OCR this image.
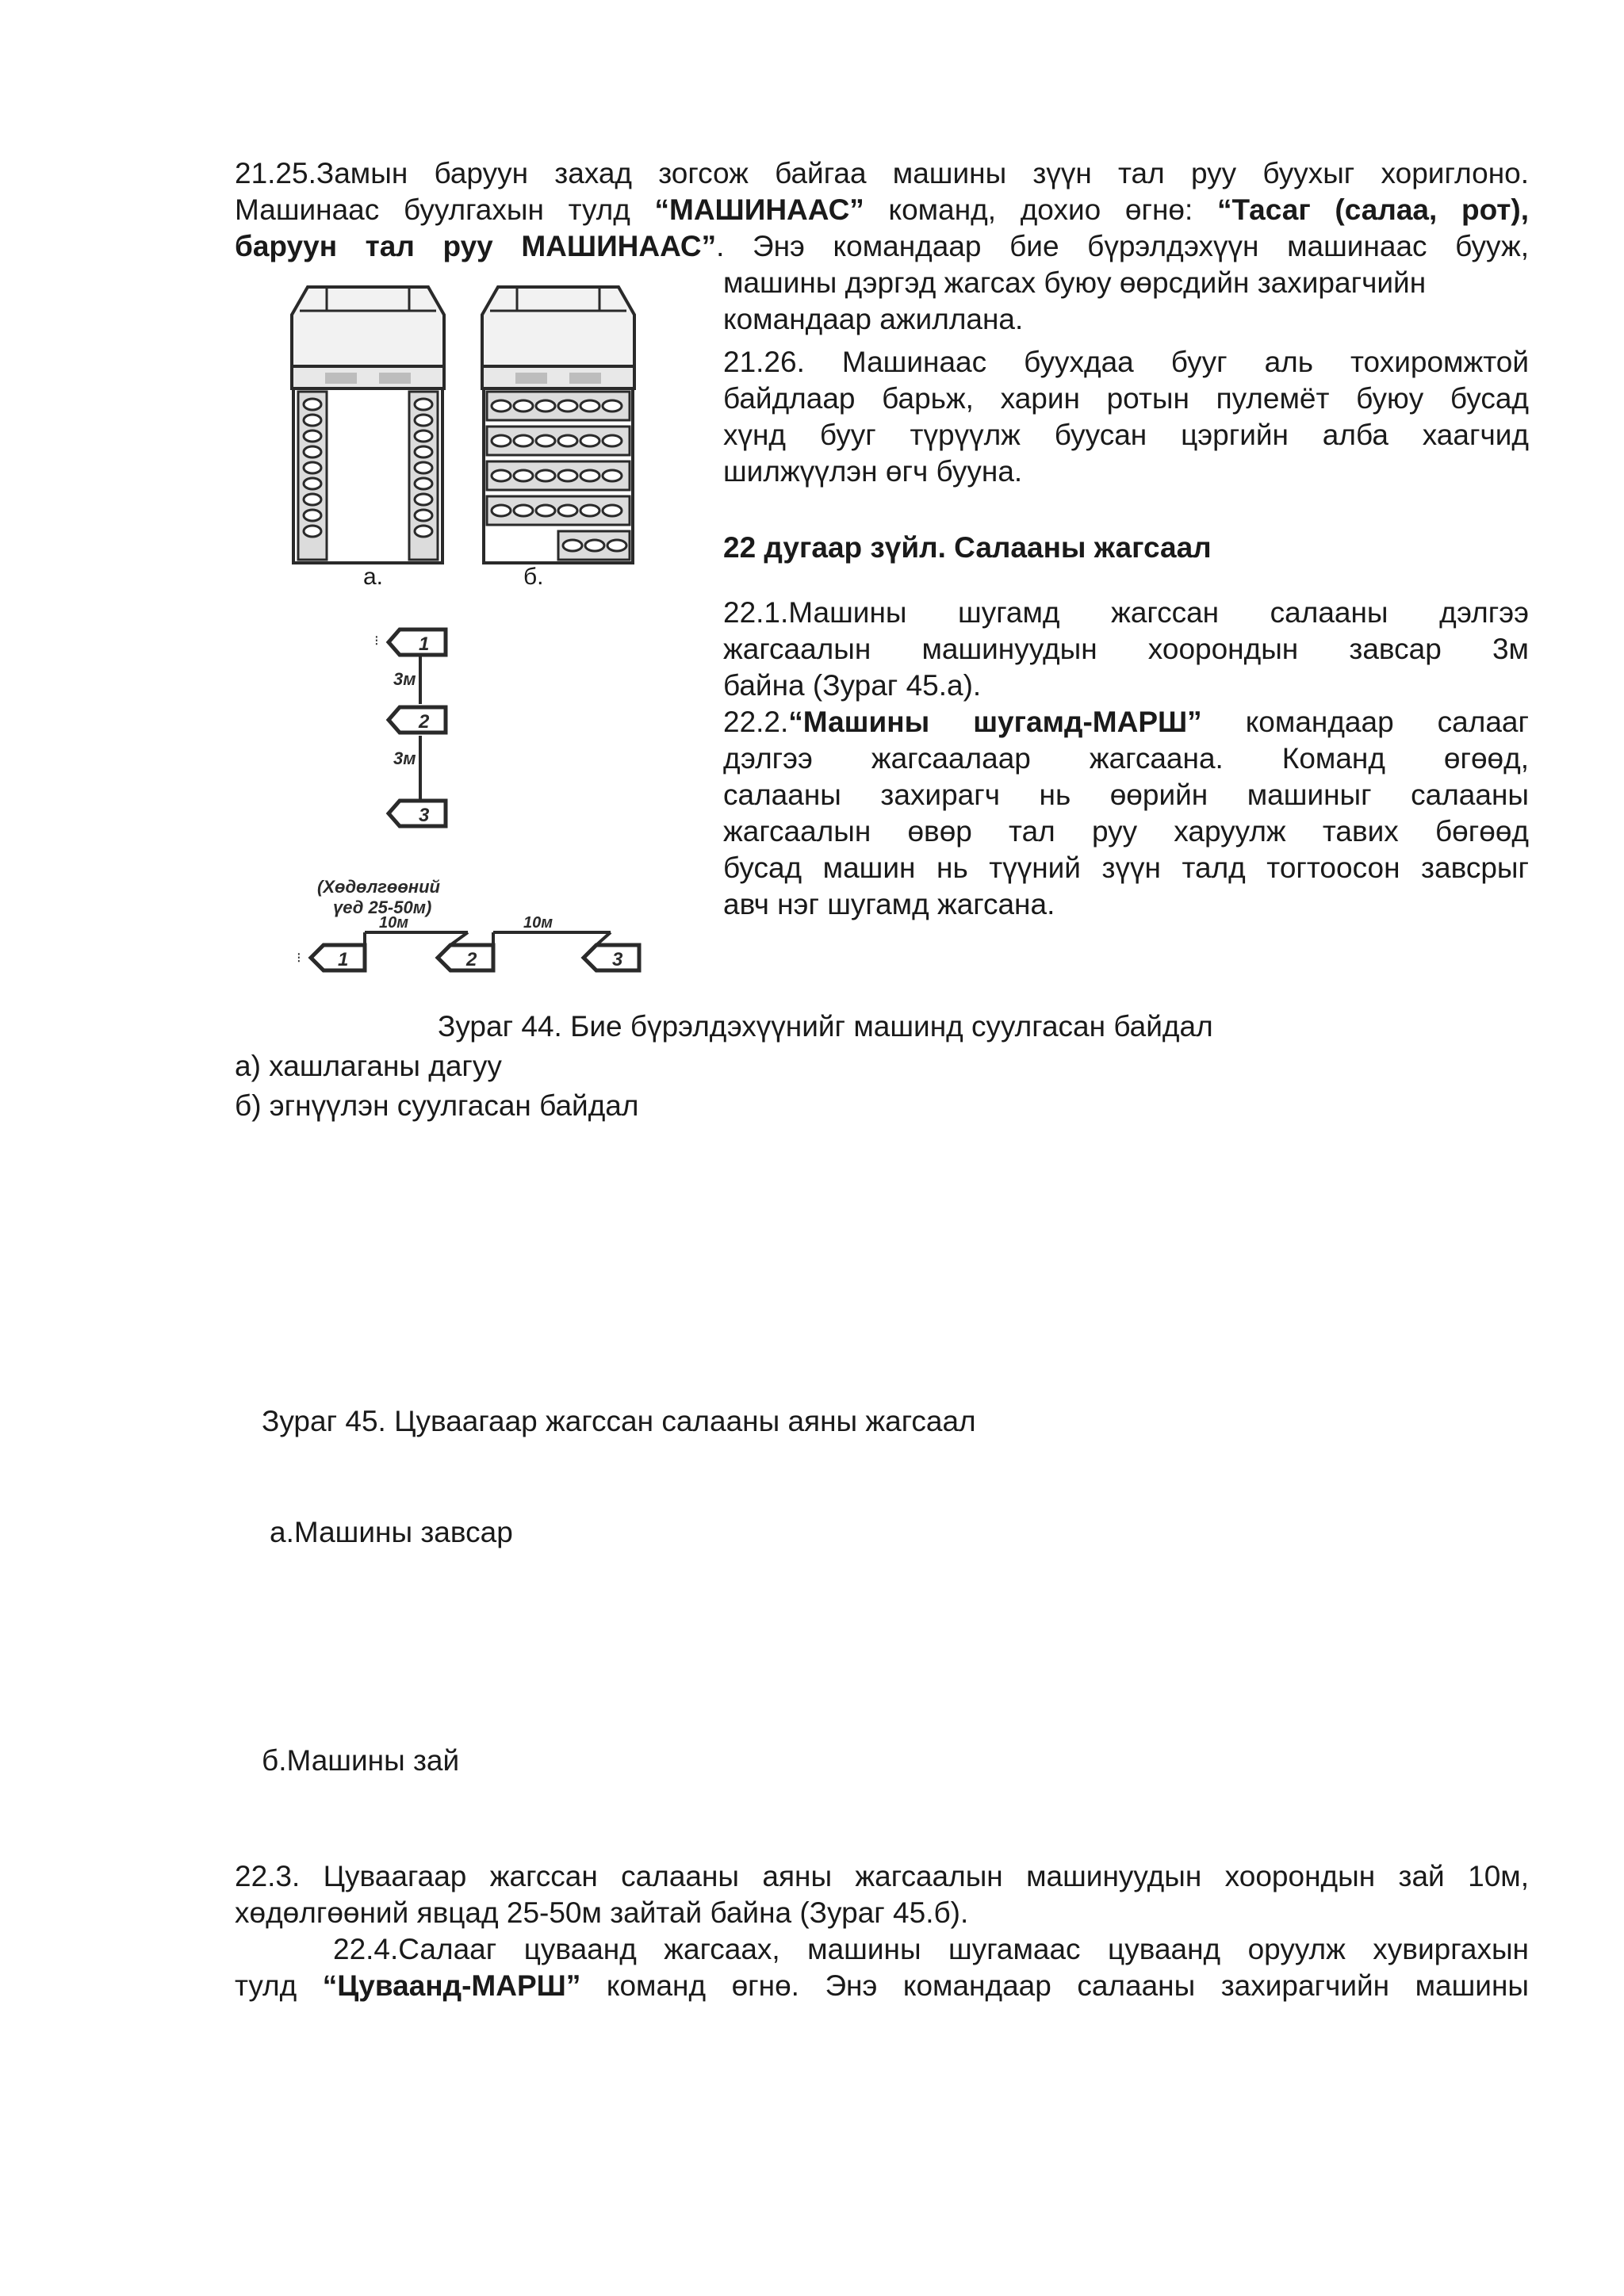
21.25.Замын баруун захад зогсож байгаа машины зүүн тал руу буухыг хориглоно.
Машинаас буулгахын тулд “МАШИНААС” команд, дохио өгнө: “Тасаг (салаа, рот),
баруун тал руу МАШИНААС”. Энэ командаар бие бүрэлдэхүүн машинаас бууж,
машины дэргэд жагсах буюу өөрсдийн захирагчийн
командаар ажиллана.
21.26. Машинаас буухдаа бууг аль тохиромжтой
байдлаар барьж, харин ротын пулемёт буюу бусад
хүнд бууг түрүүлж буусан цэргийн алба хаагчид
шилжүүлэн өгч бууна.
22 дугаар зүйл. Салааны жагсаал
22.1.Машины шугамд жагссан салааны дэлгээ
жагсаалын машинуудын хоорондын завсар 3м
байна (Зураг 45.а).
22.2.“Машины шугамд-МАРШ” командаар салааг
дэлгээ жагсаалаар жагсаана. Команд өгөөд,
салааны захирагч нь өөрийн машиныг салааны
жагсаалын өвөр тал руу харуулж тавих бөгөөд
бусад машин нь түүний зүүн талд тогтоосон завсрыг
авч нэг шугамд жагсана.
а.	б.
1
⁝
3м
2
3м
3
(Хөдөлгөөний
үед 25-50м)
1
⁝
10м
2
10м
3
Зураг 44. Бие бүрэлдэхүүнийг машинд суулгасан байдал
а) хашлаганы дагуу
б) эгнүүлэн суулгасан байдал
Зураг 45. Цуваагаар жагссан салааны аяны жагсаал
а.Машины завсар
б.Машины зай
22.3. Цуваагаар жагссан салааны аяны жагсаалын машинуудын хоорондын зай 10м,
хөдөлгөөний явцад 25-50м зайтай байна (Зураг 45.б).
22.4.Салааг цуваанд жагсаах, машины шугамаас цуваанд оруулж хувиргахын
тулд “Цуваанд-МАРШ” команд өгнө. Энэ командаар салааны захирагчийн машины
